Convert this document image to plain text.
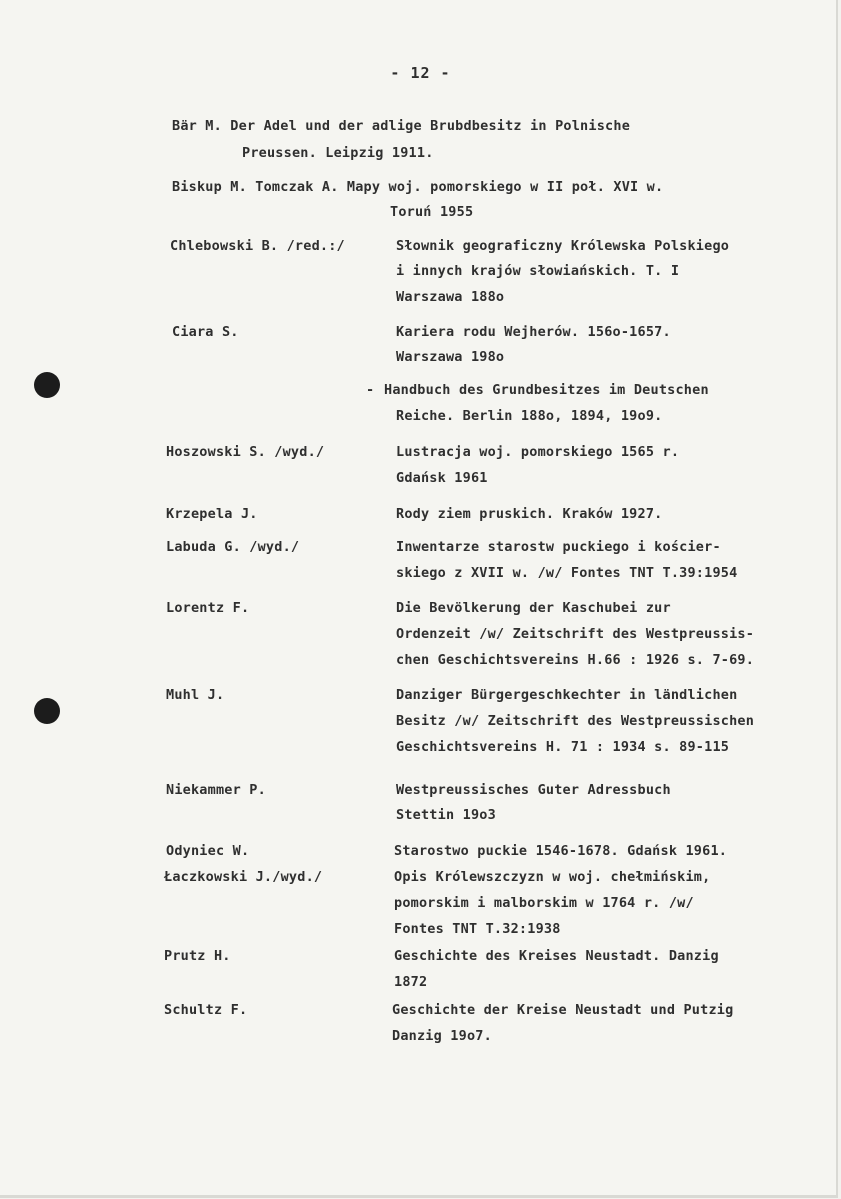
- 12 -
Bär M. Der Adel und der adlige Brubdbesitz in Polnische
Preussen. Leipzig 1911.
Biskup M. Tomczak A. Mapy woj. pomorskiego w II poł. XVI w.
Toruń 1955
Chlebowski B. /red.:/	Słownik geograficzny Królewska Polskiego
i innych krajów słowiańskich. T. I
Warszawa 188o
Ciara S.	Kariera rodu Wejherów. 156o-1657.
Warszawa 198o
- Handbuch des Grundbesitzes im Deutschen
Reiche. Berlin 188o, 1894, 19o9.
Hoszowski S. /wyd./	Lustracja woj. pomorskiego 1565 r.
Gdańsk 1961
Krzepela J.	Rody ziem pruskich. Kraków 1927.
Labuda G. /wyd./	Inwentarze starostw puckiego i kościer-
skiego z XVII w. /w/ Fontes TNT T.39:1954
Lorentz F.	Die Bevölkerung der Kaschubei zur
Ordenzeit /w/ Zeitschrift des Westpreussis-
chen Geschichtsvereins H.66 : 1926 s. 7-69.
Muhl J.	Danziger Bürgergeschkechter in ländlichen
Besitz /w/ Zeitschrift des Westpreussischen
Geschichtsvereins H. 71 : 1934 s. 89-115
Niekammer P.	Westpreussisches Guter Adressbuch
Stettin 19o3
Odyniec W.	Starostwo puckie 1546-1678. Gdańsk 1961.
Łaczkowski J./wyd./	Opis Królewszczyzn w woj. chełmińskim,
pomorskim i malborskim w 1764 r. /w/
Fontes TNT T.32:1938
Prutz H.	Geschichte des Kreises Neustadt. Danzig
1872
Schultz F.	Geschichte der Kreise Neustadt und Putzig
Danzig 19o7.
